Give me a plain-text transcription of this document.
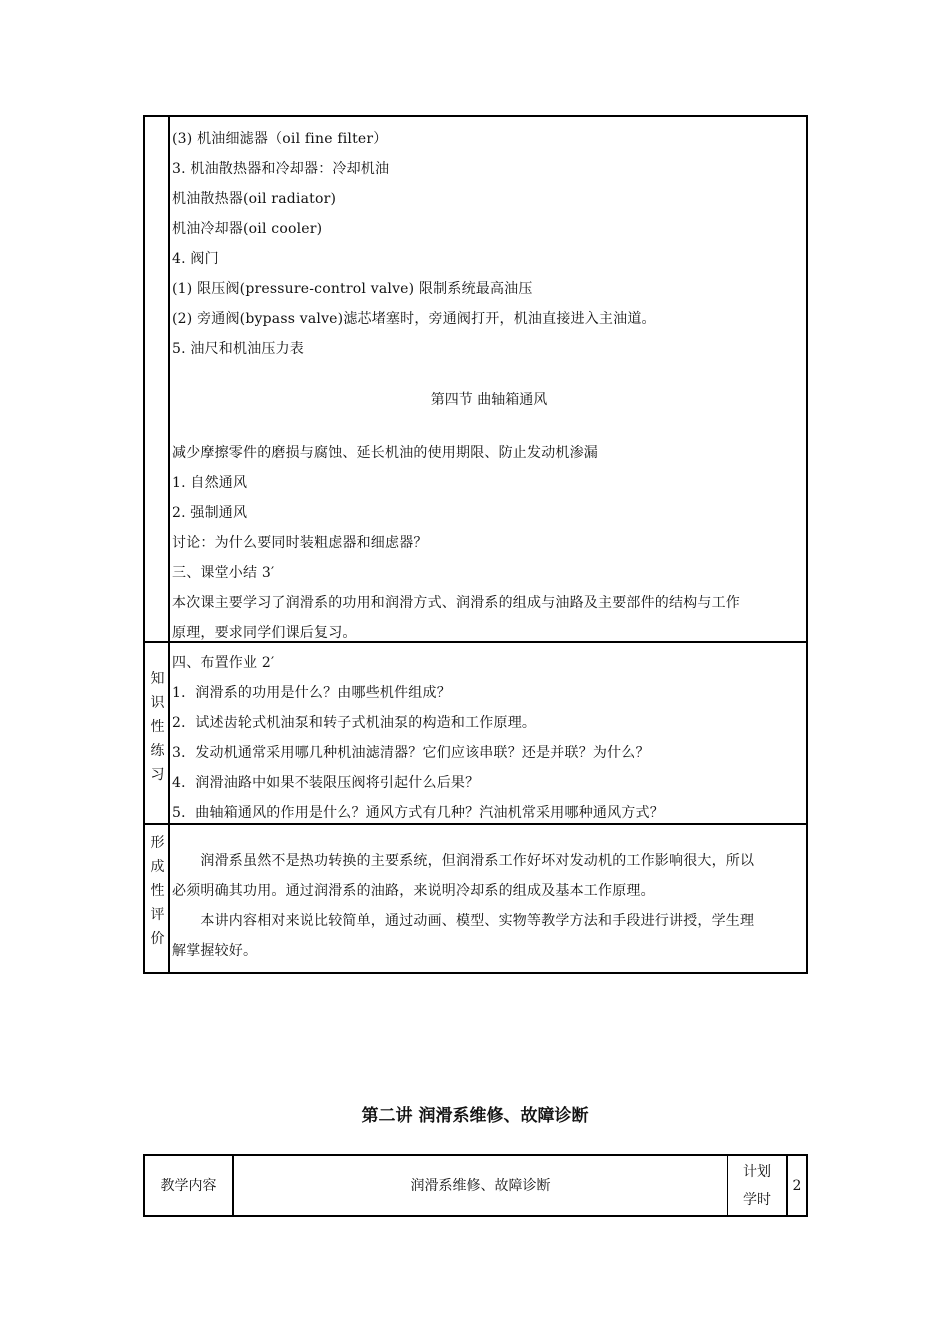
(3) 机油细滤器（oil fine filter）
3. 机油散热器和冷却器：冷却机油
机油散热器(oil radiator)
机油冷却器(oil cooler)
4. 阀门
(1) 限压阀(pressure-control valve) 限制系统最高油压
(2) 旁通阀(bypass valve)滤芯堵塞时，旁通阀打开，机油直接进入主油道。
5. 油尺和机油压力表
第四节 曲轴箱通风
减少摩擦零件的磨损与腐蚀、延长机油的使用期限、防止发动机渗漏
1. 自然通风
2. 强制通风
讨论：为什么要同时装粗虑器和细虑器？
三、课堂小结 3′
本次课主要学习了润滑系的功用和润滑方式、润滑系的组成与油路及主要部件的结构与工作
原理，要求同学们课后复习。
知
识
性
练
习
四、布置作业 2′
1．润滑系的功用是什么？由哪些机件组成？
2．试述齿轮式机油泵和转子式机油泵的构造和工作原理。
3．发动机通常采用哪几种机油滤清器？它们应该串联？还是并联？为什么？
4．润滑油路中如果不装限压阀将引起什么后果？
5．曲轴箱通风的作用是什么？通风方式有几种？汽油机常采用哪种通风方式？
形
成
性
评
价
　　润滑系虽然不是热功转换的主要系统，但润滑系工作好坏对发动机的工作影响很大，所以
必须明确其功用。通过润滑系的油路，来说明冷却系的组成及基本工作原理。
　　本讲内容相对来说比较简单，通过动画、模型、实物等教学方法和手段进行讲授，学生理
解掌握较好。
第二讲 润滑系维修、故障诊断
教学内容	润滑系维修、故障诊断
计划
学时
2
